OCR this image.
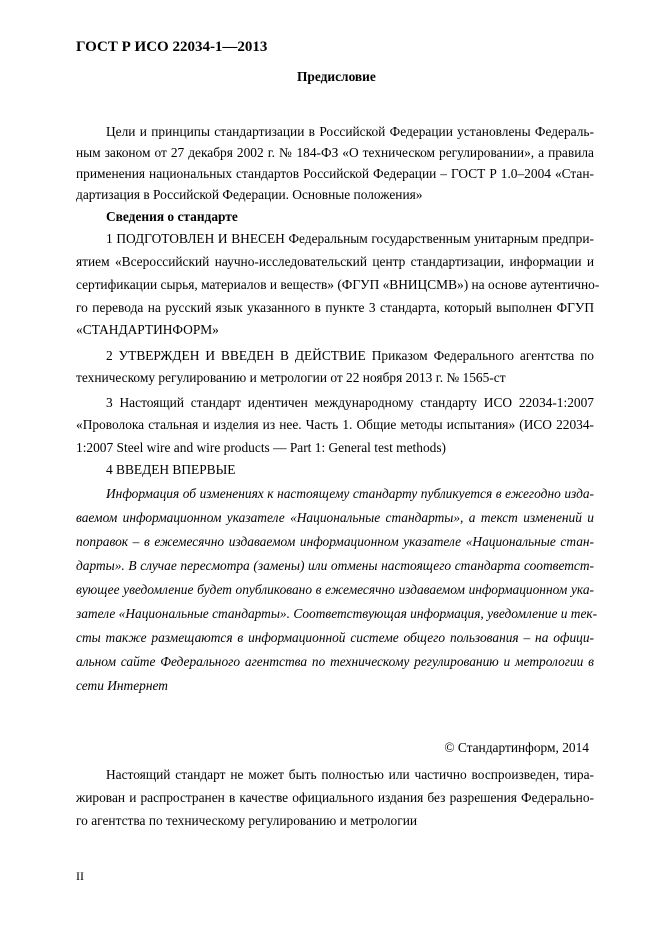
ГОСТ Р ИСО 22034-1—2013
Предисловие
Цели и принципы стандартизации в Российской Федерации установлены Федераль-
ным законом от 27 декабря 2002 г. № 184-ФЗ «О техническом регулировании», а правила
применения национальных стандартов Российской Федерации – ГОСТ Р 1.0–2004 «Стан-
дартизация в Российской Федерации. Основные положения»
Сведения о стандарте
1 ПОДГОТОВЛЕН И ВНЕСЕН Федеральным государственным унитарным предпри-
ятием «Всероссийский научно-исследовательский центр стандартизации, информации и
сертификации сырья, материалов и веществ» (ФГУП «ВНИЦСМВ») на основе аутентично-
го перевода на русский язык указанного в пункте 3 стандарта, который выполнен ФГУП
«СТАНДАРТИНФОРМ»
2 УТВЕРЖДЕН И ВВЕДЕН В ДЕЙСТВИЕ Приказом Федерального агентства по
техническому регулированию и метрологии от 22 ноября 2013 г. № 1565-ст
3 Настоящий стандарт идентичен международному стандарту ИСО 22034-1:2007
«Проволока стальная и изделия из нее. Часть 1. Общие методы испытания» (ИСО 22034-
1:2007 Steel wire and wire products — Part 1: General test methods)
4 ВВЕДЕН ВПЕРВЫЕ
Информация об изменениях к настоящему стандарту публикуется в ежегодно изда-
ваемом информационном указателе «Национальные стандарты», а текст изменений и
поправок – в ежемесячно издаваемом информационном указателе «Национальные стан-
дарты». В случае пересмотра (замены) или отмены настоящего стандарта соответст-
вующее уведомление будет опубликовано в ежемесячно издаваемом информационном ука-
зателе «Национальные стандарты». Соответствующая информация, уведомление и тек-
сты также размещаются в информационной системе общего пользования – на офици-
альном сайте Федерального агентства по техническому регулированию и метрологии в
сети Интернет
© Стандартинформ, 2014
Настоящий стандарт не может быть полностью или частично воспроизведен, тира-
жирован и распространен в качестве официального издания без разрешения Федерально-
го агентства по техническому регулированию и метрологии
II
